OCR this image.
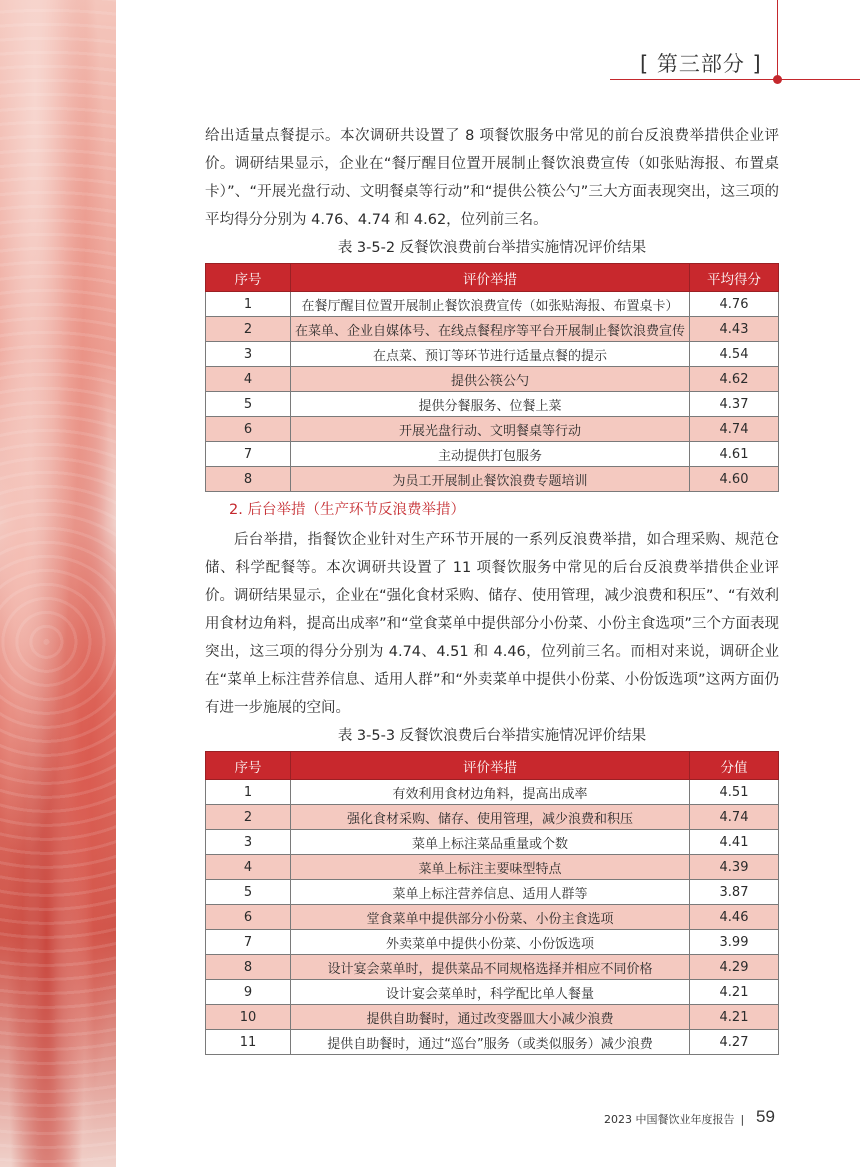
[ 第三部分 ]

给出适量点餐提示。本次调研共设置了 8 项餐饮服务中常见的前台反浪费举措供企业评价。调研结果显示，企业在“餐厅醒目位置开展制止餐饮浪费宣传（如张贴海报、布置桌卡）”、“开展光盘行动、文明餐桌等行动”和“提供公筷公勺”三大方面表现突出，这三项的平均得分分别为 4.76、4.74 和 4.62，位列前三名。

表 3-5-2 反餐饮浪费前台举措实施情况评价结果
序号	评价举措	平均得分
1	在餐厅醒目位置开展制止餐饮浪费宣传（如张贴海报、布置桌卡）	4.76
2	在菜单、企业自媒体号、在线点餐程序等平台开展制止餐饮浪费宣传	4.43
3	在点菜、预订等环节进行适量点餐的提示	4.54
4	提供公筷公勺	4.62
5	提供分餐服务、位餐上菜	4.37
6	开展光盘行动、文明餐桌等行动	4.74
7	主动提供打包服务	4.61
8	为员工开展制止餐饮浪费专题培训	4.60
2. 后台举措（生产环节反浪费举措）

后台举措，指餐饮企业针对生产环节开展的一系列反浪费举措，如合理采购、规范仓储、科学配餐等。本次调研共设置了 11 项餐饮服务中常见的后台反浪费举措供企业评价。调研结果显示，企业在“强化食材采购、储存、使用管理，减少浪费和积压”、“有效利用食材边角料，提高出成率”和“堂食菜单中提供部分小份菜、小份主食选项”三个方面表现突出，这三项的得分分别为 4.74、4.51 和 4.46，位列前三名。而相对来说，调研企业在“菜单上标注营养信息、适用人群”和“外卖菜单中提供小份菜、小份饭选项”这两方面仍有进一步施展的空间。

表 3-5-3 反餐饮浪费后台举措实施情况评价结果
序号	评价举措	分值
1	有效利用食材边角料，提高出成率	4.51
2	强化食材采购、储存、使用管理，减少浪费和积压	4.74
3	菜单上标注菜品重量或个数	4.41
4	菜单上标注主要味型特点	4.39
5	菜单上标注营养信息、适用人群等	3.87
6	堂食菜单中提供部分小份菜、小份主食选项	4.46
7	外卖菜单中提供小份菜、小份饭选项	3.99
8	设计宴会菜单时，提供菜品不同规格选择并相应不同价格	4.29
9	设计宴会菜单时，科学配比单人餐量	4.21
10	提供自助餐时，通过改变器皿大小减少浪费	4.21
11	提供自助餐时，通过“巡台”服务（或类似服务）减少浪费	4.27
2023 中国餐饮业年度报告 | 59
